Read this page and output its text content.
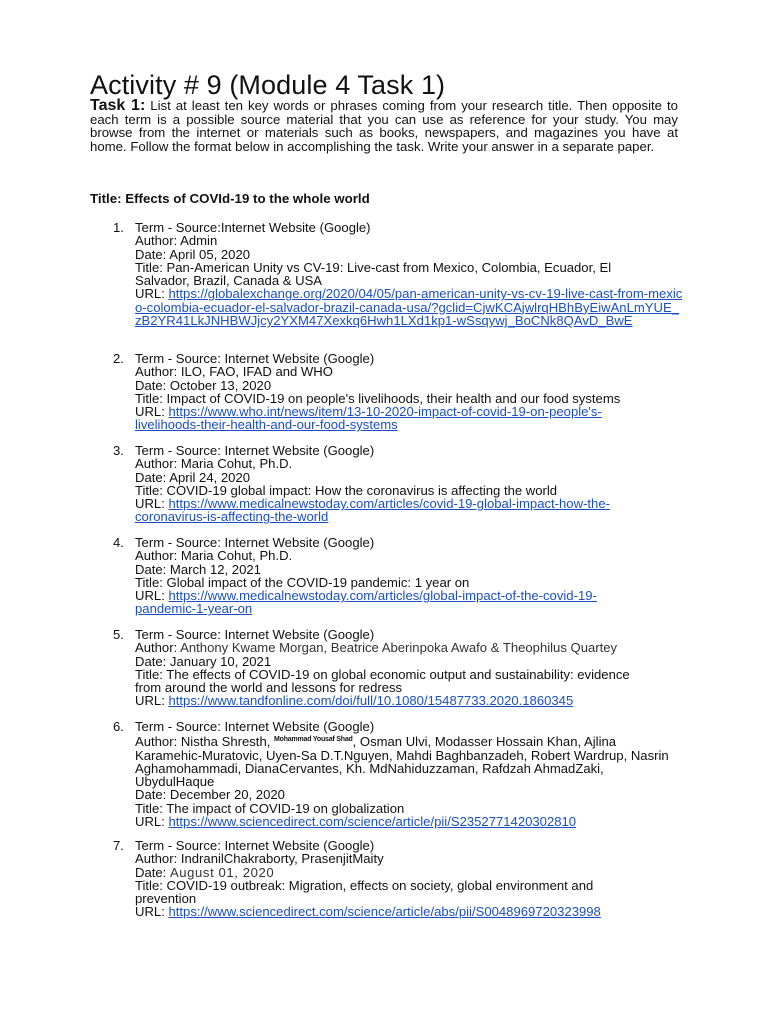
Activity # 9 (Module 4 Task 1)

Task 1: List at least ten key words or phrases coming from your research title. Then opposite to each term is a possible source material that you can use as reference for your study. You may browse from the internet or materials such as books, newspapers, and magazines you have at home. Follow the format below in accomplishing the task. Write your answer in a separate paper.

Title: Effects of COVId-19 to the whole world

1. Term - Source:Internet Website (Google)
Author: Admin
Date: April 05, 2020
Title: Pan-American Unity vs CV-19: Live-cast from Mexico, Colombia, Ecuador, El Salvador, Brazil, Canada & USA
URL: https://globalexchange.org/2020/04/05/pan-american-unity-vs-cv-19-live-cast-from-mexico-colombia-ecuador-el-salvador-brazil-canada-usa/?gclid=CjwKCAjwlrqHBhByEiwAnLmYUE_zB2YR41LkJNHBWJjcy2YXM47Xexkq6Hwh1LXd1kp1-wSsqywj_BoCNk8QAvD_BwE
2. Term - Source: Internet Website (Google)
Author: ILO, FAO, IFAD and WHO
Date: October 13, 2020
Title: Impact of COVID-19 on people's livelihoods, their health and our food systems
URL: https://www.who.int/news/item/13-10-2020-impact-of-covid-19-on-people's-livelihoods-their-health-and-our-food-systems
3. Term - Source: Internet Website (Google)
Author: Maria Cohut, Ph.D.
Date: April 24, 2020
Title: COVID-19 global impact: How the coronavirus is affecting the world
URL: https://www.medicalnewstoday.com/articles/covid-19-global-impact-how-the-coronavirus-is-affecting-the-world
4. Term - Source: Internet Website (Google)
Author: Maria Cohut, Ph.D.
Date: March 12, 2021
Title: Global impact of the COVID-19 pandemic: 1 year on
URL: https://www.medicalnewstoday.com/articles/global-impact-of-the-covid-19-pandemic-1-year-on
5. Term - Source: Internet Website (Google)
Author: Anthony Kwame Morgan, Beatrice Aberinpoka Awafo & Theophilus Quartey
Date: January 10, 2021
Title: The effects of COVID-19 on global economic output and sustainability: evidence from around the world and lessons for redress
URL: https://www.tandfonline.com/doi/full/10.1080/15487733.2020.1860345
6. Term - Source: Internet Website (Google)
Author: Nistha Shresth, $^{Mohammad Yousaf Shad}$, Osman Ulvi, Modasser Hossain Khan, Ajlina Karamehic-Muratovic, Uyen-Sa D.T.Nguyen, Mahdi Baghbanzadeh, Robert Wardrup, Nasrin Aghamohammadi, DianaCervantes, Kh. MdNahiduzzaman, Rafdzah AhmadZaki, UbydulHaque
Date: December 20, 2020
Title: The impact of COVID-19 on globalization
URL: https://www.sciencedirect.com/science/article/pii/S2352771420302810
7. Term - Source: Internet Website (Google)
Author: IndranilChakraborty, PrasenjitMaity
Date: August 01, 2020
Title: COVID-19 outbreak: Migration, effects on society, global environment and prevention
URL: https://www.sciencedirect.com/science/article/abs/pii/S0048969720323998
